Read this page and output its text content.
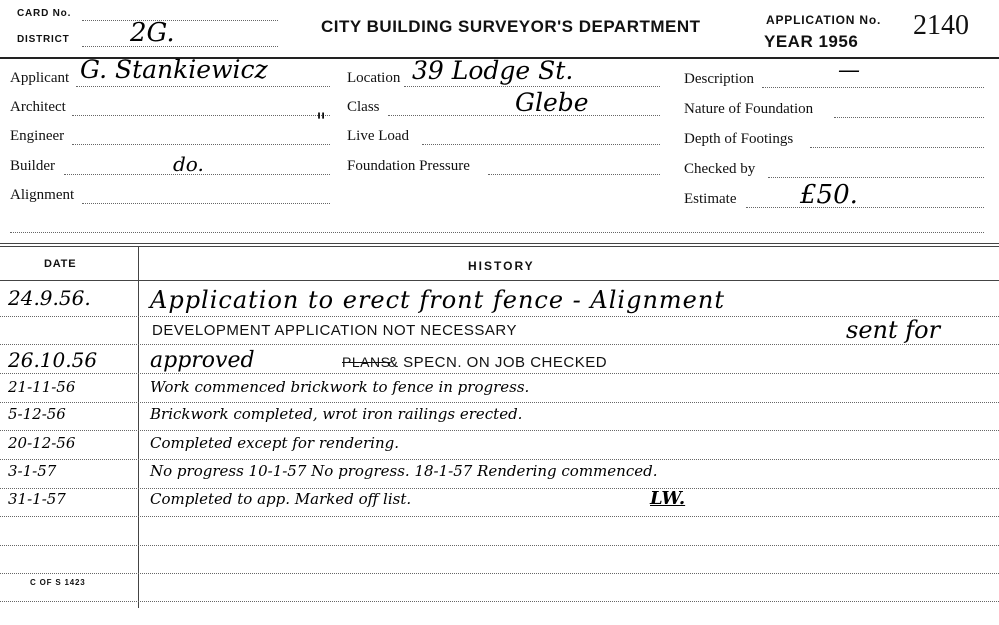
CARD No.
DISTRICT 2G.	CITY BUILDING SURVEYOR'S DEPARTMENT	APPLICATION No. 2140
YEAR 1956
Applicant G. Stankiewicz
Architect
"
Engineer
Builder	do.
Alignment
Location 39 Lodge St.
Class	Glebe
Live Load
Foundation Pressure
Description	—
Nature of Foundation
Depth of Footings
Checked by
Estimate £50.
DATE	HISTORY
24.9.56. Application to erect front fence - Alignment
DEVELOPMENT APPLICATION NOT NECESSARY	sent for
26.10.56 approved	PLANS
& SPECN. ON JOB CHECKED
21-11-56	Work commenced brickwork to fence in progress.
5-12-56	Brickwork completed, wrot iron railings erected.
20-12-56	Completed except for rendering.
3-1-57	No progress 10-1-57 No progress. 18-1-57 Rendering commenced.
31-1-57	Completed to app. Marked off list.	LW.
C OF S 1423
